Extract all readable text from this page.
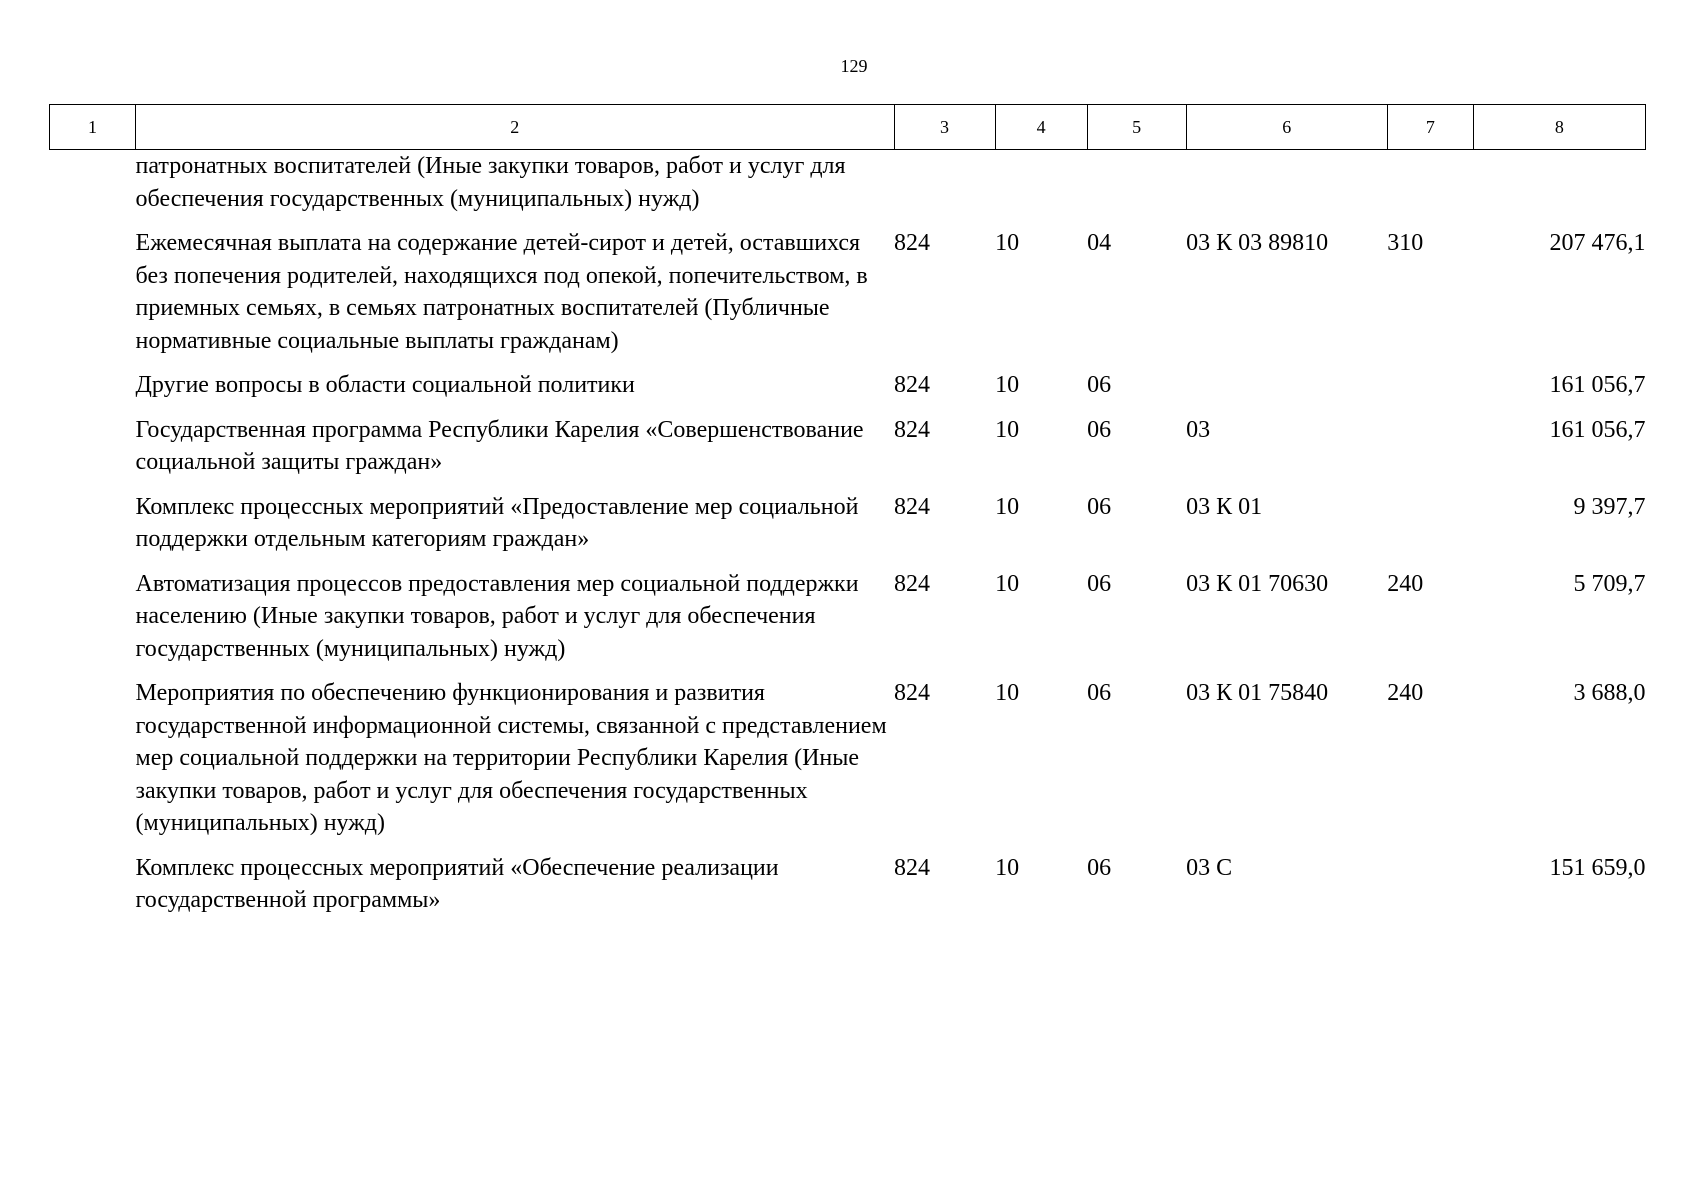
129
1	2	3	4	5	6	7	8
	патронатных воспитателей (Иные закупки товаров, работ и услуг для обеспечения государственных (муниципальных) нужд)						
	Ежемесячная выплата на содержание детей-сирот и детей, оставшихся без попечения родителей, находящихся под опекой, попечительством, в приемных семьях, в семьях патронатных воспитателей (Публичные нормативные социальные выплаты гражданам)	824	10	04	03 К 03 89810	310	207 476,1
	Другие вопросы в области социальной политики	824	10	06			161 056,7
	Государственная программа Республики Карелия «Совершенствование социальной защиты граждан»	824	10	06	03		161 056,7
	Комплекс процессных мероприятий «Предоставление мер социальной поддержки отдельным категориям граждан»	824	10	06	03 К 01		9 397,7
	Автоматизация процессов предоставления мер социальной поддержки населению (Иные закупки товаров, работ и услуг для обеспечения государственных (муниципальных) нужд)	824	10	06	03 К 01 70630	240	5 709,7
	Мероприятия по обеспечению функционирования и развития государственной информационной системы, связанной с представлением мер социальной поддержки на территории Республики Карелия (Иные закупки товаров, работ и услуг для обеспечения государственных (муниципальных) нужд)	824	10	06	03 К 01 75840	240	3 688,0
	Комплекс процессных мероприятий «Обеспечение реализации государственной программы»	824	10	06	03 С		151 659,0
